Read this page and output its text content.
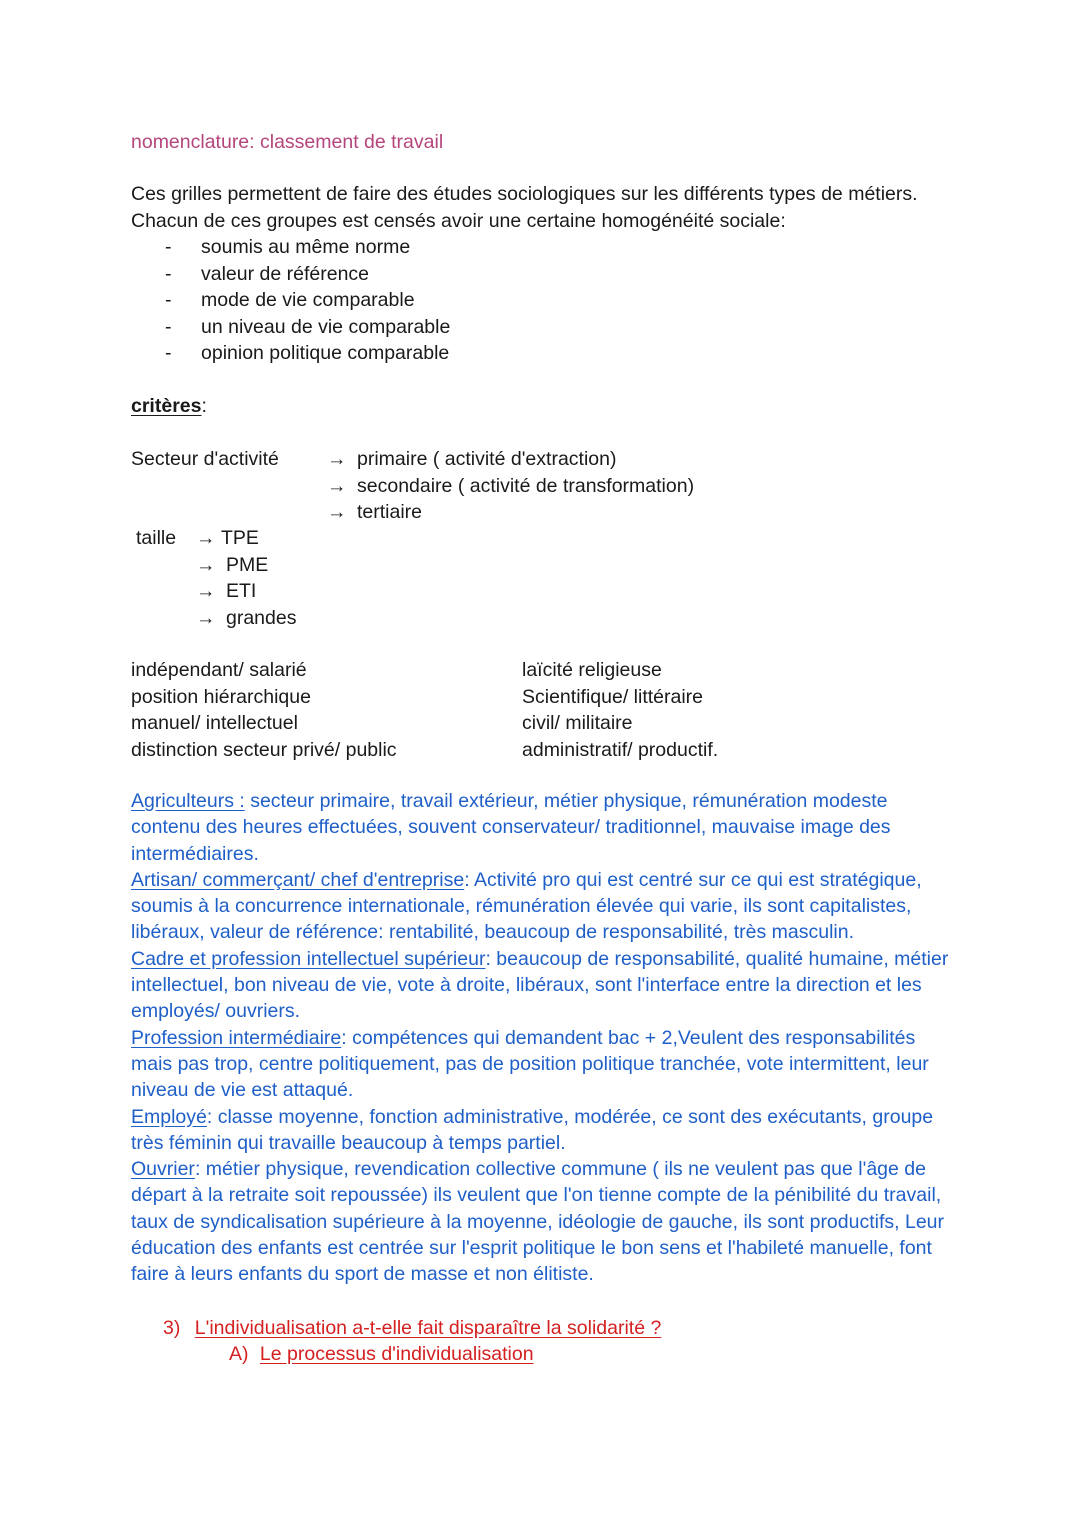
nomenclature: classement de travail
Ces grilles permettent de faire des études sociologiques sur les différents types de métiers.
Chacun de ces groupes est censés avoir une certaine homogénéité sociale:
- soumis au même norme
- valeur de référence
- mode de vie comparable
- un niveau de vie comparable
- opinion politique comparable
critères:
Secteur d'activité → primaire ( activité d'extraction)
→ secondaire ( activité de transformation)
→ tertiaire
taille → TPE
→ PME
→ ETI
→ grandes
indépendant/ salarié
position hiérarchique
manuel/ intellectuel
distinction secteur privé/ public
laïcité religieuse
Scientifique/ littéraire
civil/ militaire
administratif/ productif.

Agriculteurs : secteur primaire, travail extérieur, métier physique, rémunération modeste contenu des heures effectuées, souvent conservateur/ traditionnel, mauvaise image des intermédiaires.

Artisan/ commerçant/ chef d'entreprise: Activité pro qui est centré sur ce qui est stratégique, soumis à la concurrence internationale, rémunération élevée qui varie, ils sont capitalistes, libéraux, valeur de référence: rentabilité, beaucoup de responsabilité, très masculin.

Cadre et profession intellectuel supérieur: beaucoup de responsabilité, qualité humaine, métier intellectuel, bon niveau de vie, vote à droite, libéraux, sont l'interface entre la direction et les employés/ ouvriers.

Profession intermédiaire: compétences qui demandent bac + 2,Veulent des responsabilités mais pas trop, centre politiquement, pas de position politique tranchée, vote intermittent, leur niveau de vie est attaqué.

Employé: classe moyenne, fonction administrative, modérée, ce sont des exécutants, groupe très féminin qui travaille beaucoup à temps partiel.

Ouvrier: métier physique, revendication collective commune ( ils ne veulent pas que l'âge de départ à la retraite soit repoussée) ils veulent que l'on tienne compte de la pénibilité du travail, taux de syndicalisation supérieure à la moyenne, idéologie de gauche, ils sont productifs, Leur éducation des enfants est centrée sur l'esprit politique le bon sens et l'habileté manuelle, font faire à leurs enfants du sport de masse et non élitiste.

3) L'individualisation a-t-elle fait disparaître la solidarité ?
A) Le processus d'individualisation
